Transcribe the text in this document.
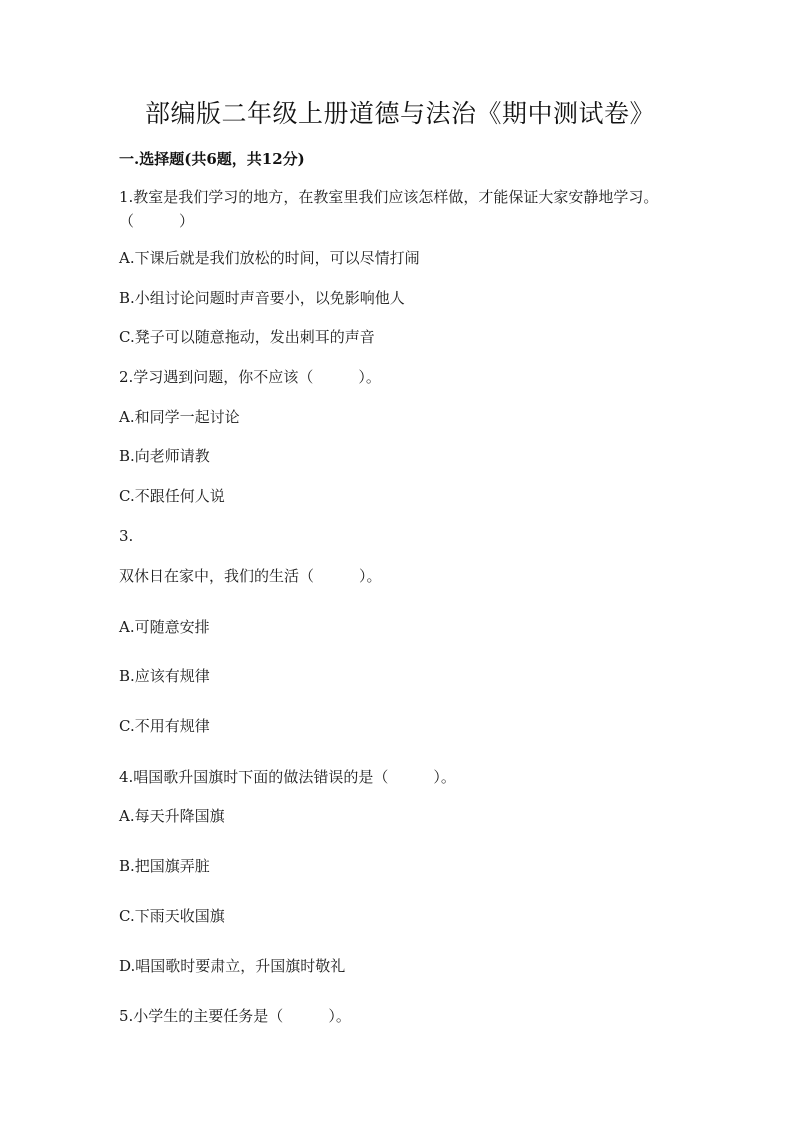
部编版二年级上册道德与法治《期中测试卷》
一.选择题(共6题，共12分)
1.教室是我们学习的地方，在教室里我们应该怎样做，才能保证大家安静地学习。（　　　）
A.下课后就是我们放松的时间，可以尽情打闹
B.小组讨论问题时声音要小，以免影响他人
C.凳子可以随意拖动，发出刺耳的声音
2.学习遇到问题，你不应该（　　　）。
A.和同学一起讨论
B.向老师请教
C.不跟任何人说
3.
双休日在家中，我们的生活（　　　）。
A.可随意安排
B.应该有规律
C.不用有规律
4.唱国歌升国旗时下面的做法错误的是（　　　）。
A.每天升降国旗
B.把国旗弄脏
C.下雨天收国旗
D.唱国歌时要肃立，升国旗时敬礼
5.小学生的主要任务是（　　　）。
